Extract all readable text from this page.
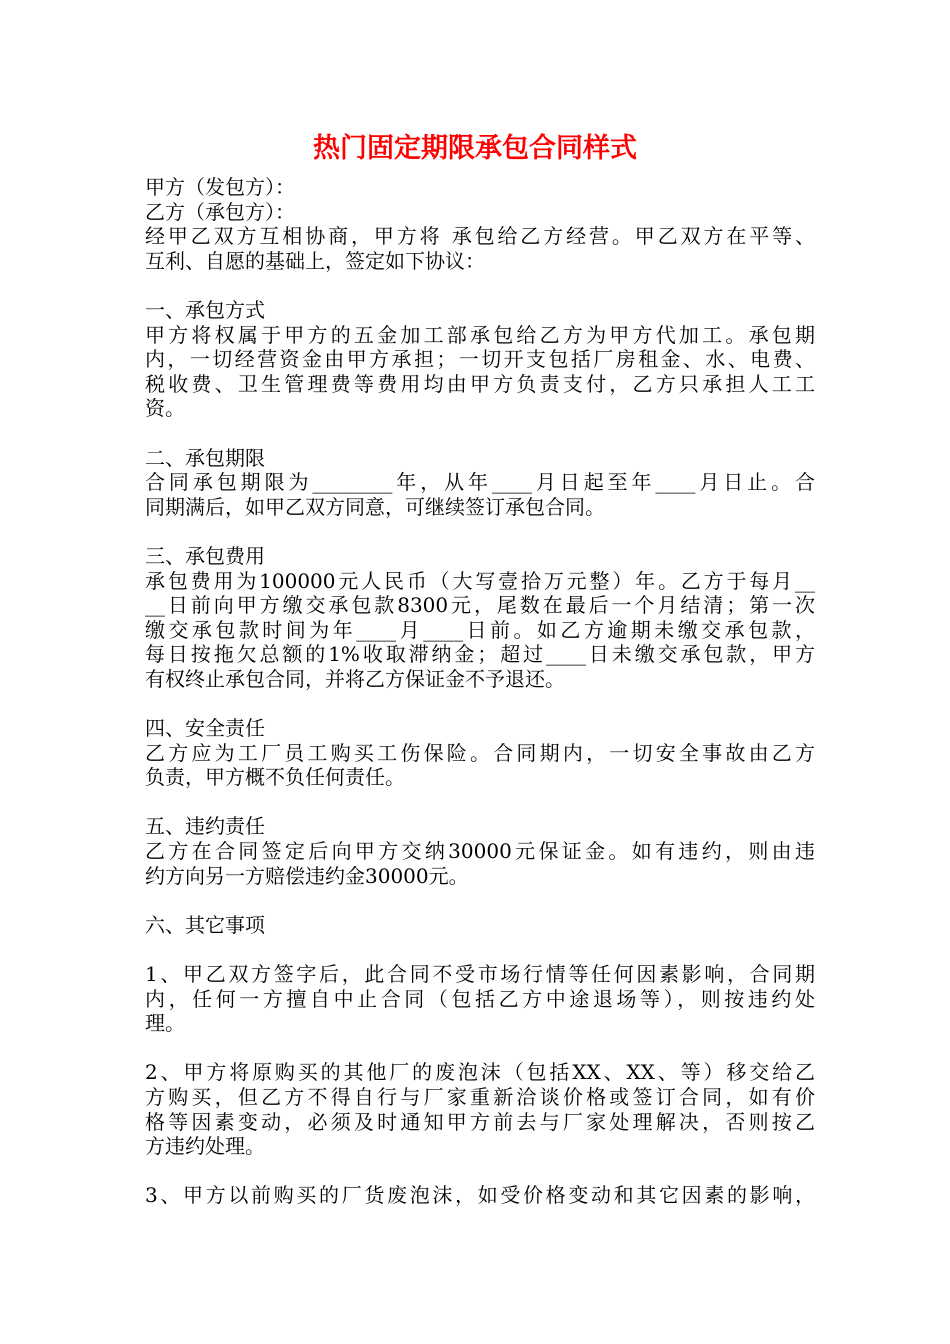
热门固定期限承包合同样式
甲方（发包方）：
乙方（承包方）：
经甲乙双方互相协商，甲方将 承包给乙方经营。甲乙双方在平等、
互利、自愿的基础上，签定如下协议：
一、承包方式
甲方将权属于甲方的五金加工部承包给乙方为甲方代加工。承包期
内，一切经营资金由甲方承担；一切开支包括厂房租金、水、电费、
税收费、卫生管理费等费用均由甲方负责支付，乙方只承担人工工
资。
二、承包期限
合同承包期限为________年，从年____月日起至年____月日止。合
同期满后，如甲乙双方同意，可继续签订承包合同。
三、承包费用
承包费用为100000元人民币（大写壹拾万元整）年。乙方于每月__
__日前向甲方缴交承包款8300元，尾数在最后一个月结清；第一次
缴交承包款时间为年____月____日前。如乙方逾期未缴交承包款，
每日按拖欠总额的1%收取滞纳金；超过____日未缴交承包款，甲方
有权终止承包合同，并将乙方保证金不予退还。
四、安全责任
乙方应为工厂员工购买工伤保险。合同期内，一切安全事故由乙方
负责，甲方概不负任何责任。
五、违约责任
乙方在合同签定后向甲方交纳30000元保证金。如有违约，则由违
约方向另一方赔偿违约金30000元。
六、其它事项
1、甲乙双方签字后，此合同不受市场行情等任何因素影响，合同期
内，任何一方擅自中止合同（包括乙方中途退场等），则按违约处
理。
2、甲方将原购买的其他厂的废泡沫（包括XX、XX、等）移交给乙
方购买，但乙方不得自行与厂家重新洽谈价格或签订合同，如有价
格等因素变动，必须及时通知甲方前去与厂家处理解决，否则按乙
方违约处理。
3、甲方以前购买的厂货废泡沫，如受价格变动和其它因素的影响，
